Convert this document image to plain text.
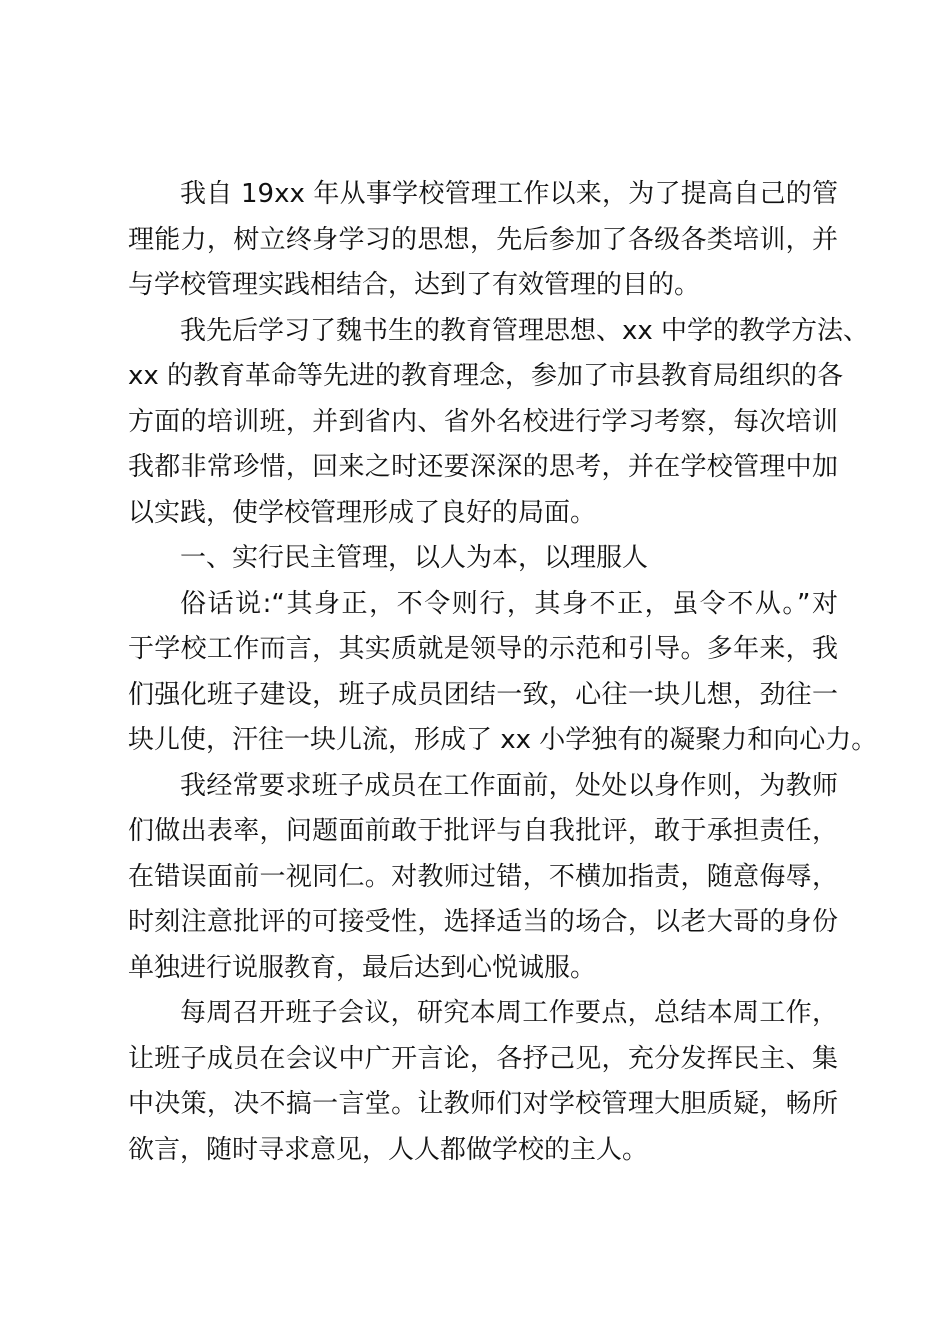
我自 19xx 年从事学校管理工作以来，为了提高自己的管
理能力，树立终身学习的思想，先后参加了各级各类培训，并
与学校管理实践相结合，达到了有效管理的目的。
我先后学习了魏书生的教育管理思想、xx 中学的教学方法、
xx 的教育革命等先进的教育理念，参加了市县教育局组织的各
方面的培训班，并到省内、省外名校进行学习考察，每次培训
我都非常珍惜，回来之时还要深深的思考，并在学校管理中加
以实践，使学校管理形成了良好的局面。
一、实行民主管理，以人为本，以理服人
俗话说:“其身正，不令则行，其身不正，虽令不从。”对
于学校工作而言，其实质就是领导的示范和引导。多年来，我
们强化班子建设，班子成员团结一致，心往一块儿想，劲往一
块儿使，汗往一块儿流，形成了 xx 小学独有的凝聚力和向心力。
我经常要求班子成员在工作面前，处处以身作则，为教师
们做出表率，问题面前敢于批评与自我批评，敢于承担责任，
在错误面前一视同仁。对教师过错，不横加指责，随意侮辱，
时刻注意批评的可接受性，选择适当的场合，以老大哥的身份
单独进行说服教育，最后达到心悦诚服。
每周召开班子会议，研究本周工作要点，总结本周工作，
让班子成员在会议中广开言论，各抒己见，充分发挥民主、集
中决策，决不搞一言堂。让教师们对学校管理大胆质疑，畅所
欲言，随时寻求意见，人人都做学校的主人。
